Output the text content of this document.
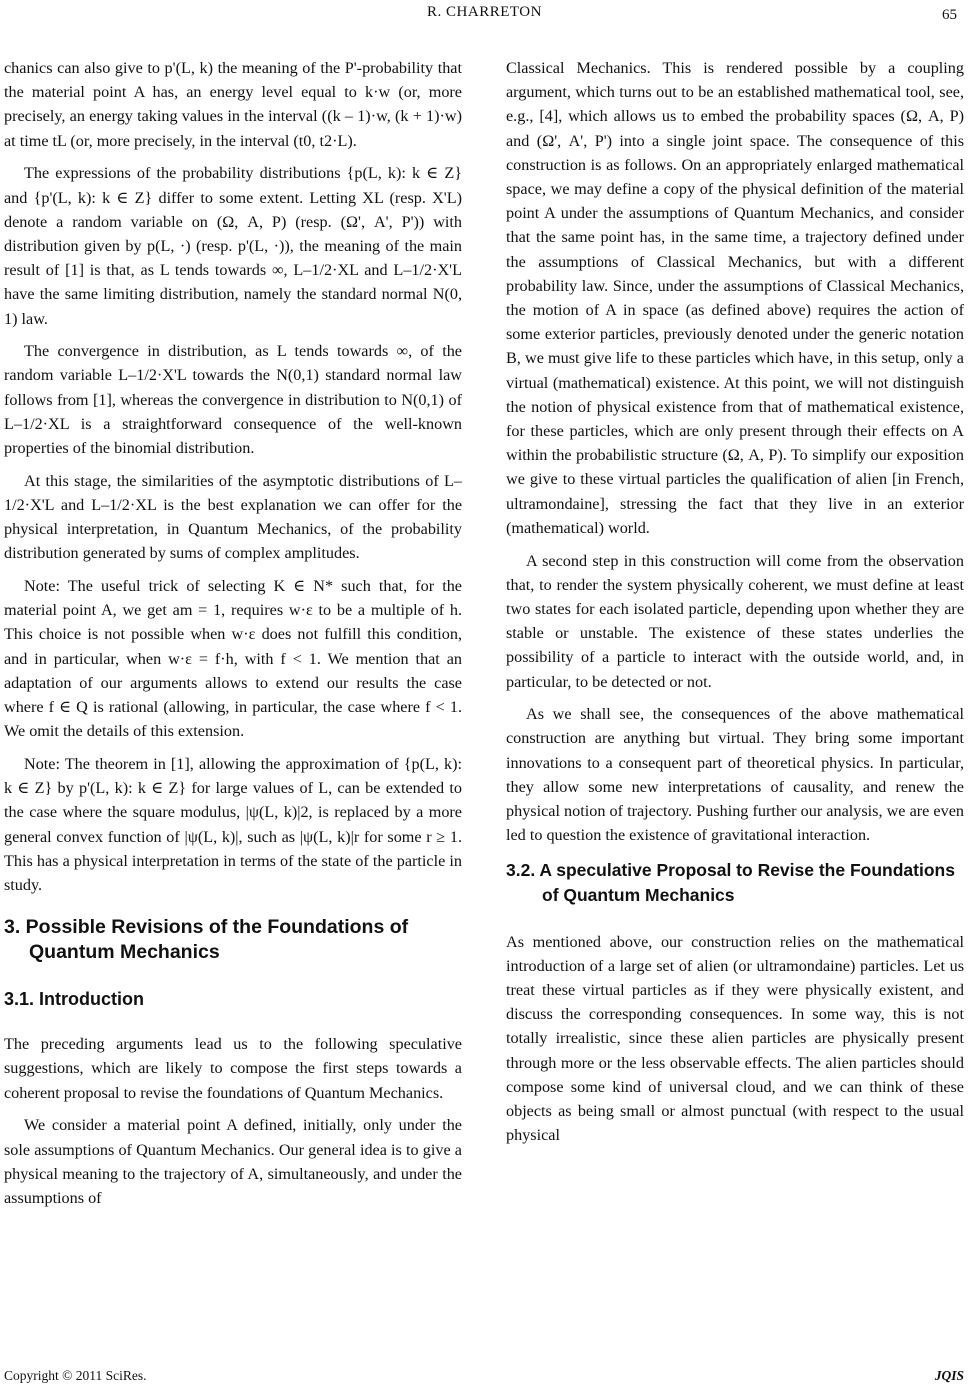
R. CHARRETON	65

chanics can also give to p'(L, k) the meaning of the P'-probability that the material point A has, an energy level equal to k·w (or, more precisely, an energy taking values in the interval ((k – 1)·w, (k + 1)·w) at time tL (or, more precisely, in the interval (t0, t2·L).

The expressions of the probability distributions {p(L, k): k ∈ Z} and {p'(L, k): k ∈ Z} differ to some extent. Letting XL (resp. X'L) denote a random variable on (Ω, A, P) (resp. (Ω', A', P')) with distribution given by p(L, ·) (resp. p'(L, ·)), the meaning of the main result of [1] is that, as L tends towards ∞, L–1/2·XL and L–1/2·X'L have the same limiting distribution, namely the standard normal N(0, 1) law.

The convergence in distribution, as L tends towards ∞, of the random variable L–1/2·X'L towards the N(0,1) standard normal law follows from [1], whereas the convergence in distribution to N(0,1) of L–1/2·XL is a straightforward consequence of the well-known properties of the binomial distribution.

At this stage, the similarities of the asymptotic distributions of L–1/2·X'L and L–1/2·XL is the best explanation we can offer for the physical interpretation, in Quantum Mechanics, of the probability distribution generated by sums of complex amplitudes.

Note: The useful trick of selecting K ∈ N* such that, for the material point A, we get am = 1, requires w·ε to be a multiple of h. This choice is not possible when w·ε does not fulfill this condition, and in particular, when w·ε = f·h, with f < 1. We mention that an adaptation of our arguments allows to extend our results the case where f ∈ Q is rational (allowing, in particular, the case where f < 1. We omit the details of this extension.

Note: The theorem in [1], allowing the approximation of {p(L, k): k ∈ Z} by p'(L, k): k ∈ Z} for large values of L, can be extended to the case where the square modulus, |ψ(L, k)|2, is replaced by a more general convex function of |ψ(L, k)|, such as |ψ(L, k)|r for some r ≥ 1. This has a physical interpretation in terms of the state of the particle in study.

3. Possible Revisions of the Foundations of Quantum Mechanics
3.1. Introduction

The preceding arguments lead us to the following speculative suggestions, which are likely to compose the first steps towards a coherent proposal to revise the foundations of Quantum Mechanics.

We consider a material point A defined, initially, only under the sole assumptions of Quantum Mechanics. Our general idea is to give a physical meaning to the trajectory of A, simultaneously, and under the assumptions of

Classical Mechanics. This is rendered possible by a coupling argument, which turns out to be an established mathematical tool, see, e.g., [4], which allows us to embed the probability spaces (Ω, A, P) and (Ω', A', P') into a single joint space. The consequence of this construction is as follows. On an appropriately enlarged mathematical space, we may define a copy of the physical definition of the material point A under the assumptions of Quantum Mechanics, and consider that the same point has, in the same time, a trajectory defined under the assumptions of Classical Mechanics, but with a different probability law. Since, under the assumptions of Classical Mechanics, the motion of A in space (as defined above) requires the action of some exterior particles, previously denoted under the generic notation B, we must give life to these particles which have, in this setup, only a virtual (mathematical) existence. At this point, we will not distinguish the notion of physical existence from that of mathematical existence, for these particles, which are only present through their effects on A within the probabilistic structure (Ω, A, P). To simplify our exposition we give to these virtual particles the qualification of alien [in French, ultramondaine], stressing the fact that they live in an exterior (mathematical) world.

A second step in this construction will come from the observation that, to render the system physically coherent, we must define at least two states for each isolated particle, depending upon whether they are stable or unstable. The existence of these states underlies the possibility of a particle to interact with the outside world, and, in particular, to be detected or not.

As we shall see, the consequences of the above mathematical construction are anything but virtual. They bring some important innovations to a consequent part of theoretical physics. In particular, they allow some new interpretations of causality, and renew the physical notion of trajectory. Pushing further our analysis, we are even led to question the existence of gravitational interaction.

3.2. A speculative Proposal to Revise the Foundations of Quantum Mechanics

As mentioned above, our construction relies on the mathematical introduction of a large set of alien (or ultramondaine) particles. Let us treat these virtual particles as if they were physically existent, and discuss the corresponding consequences. In some way, this is not totally irrealistic, since these alien particles are physically present through more or the less observable effects. The alien particles should compose some kind of universal cloud, and we can think of these objects as being small or almost punctual (with respect to the usual physical

Copyright © 2011 SciRes.	JQIS
